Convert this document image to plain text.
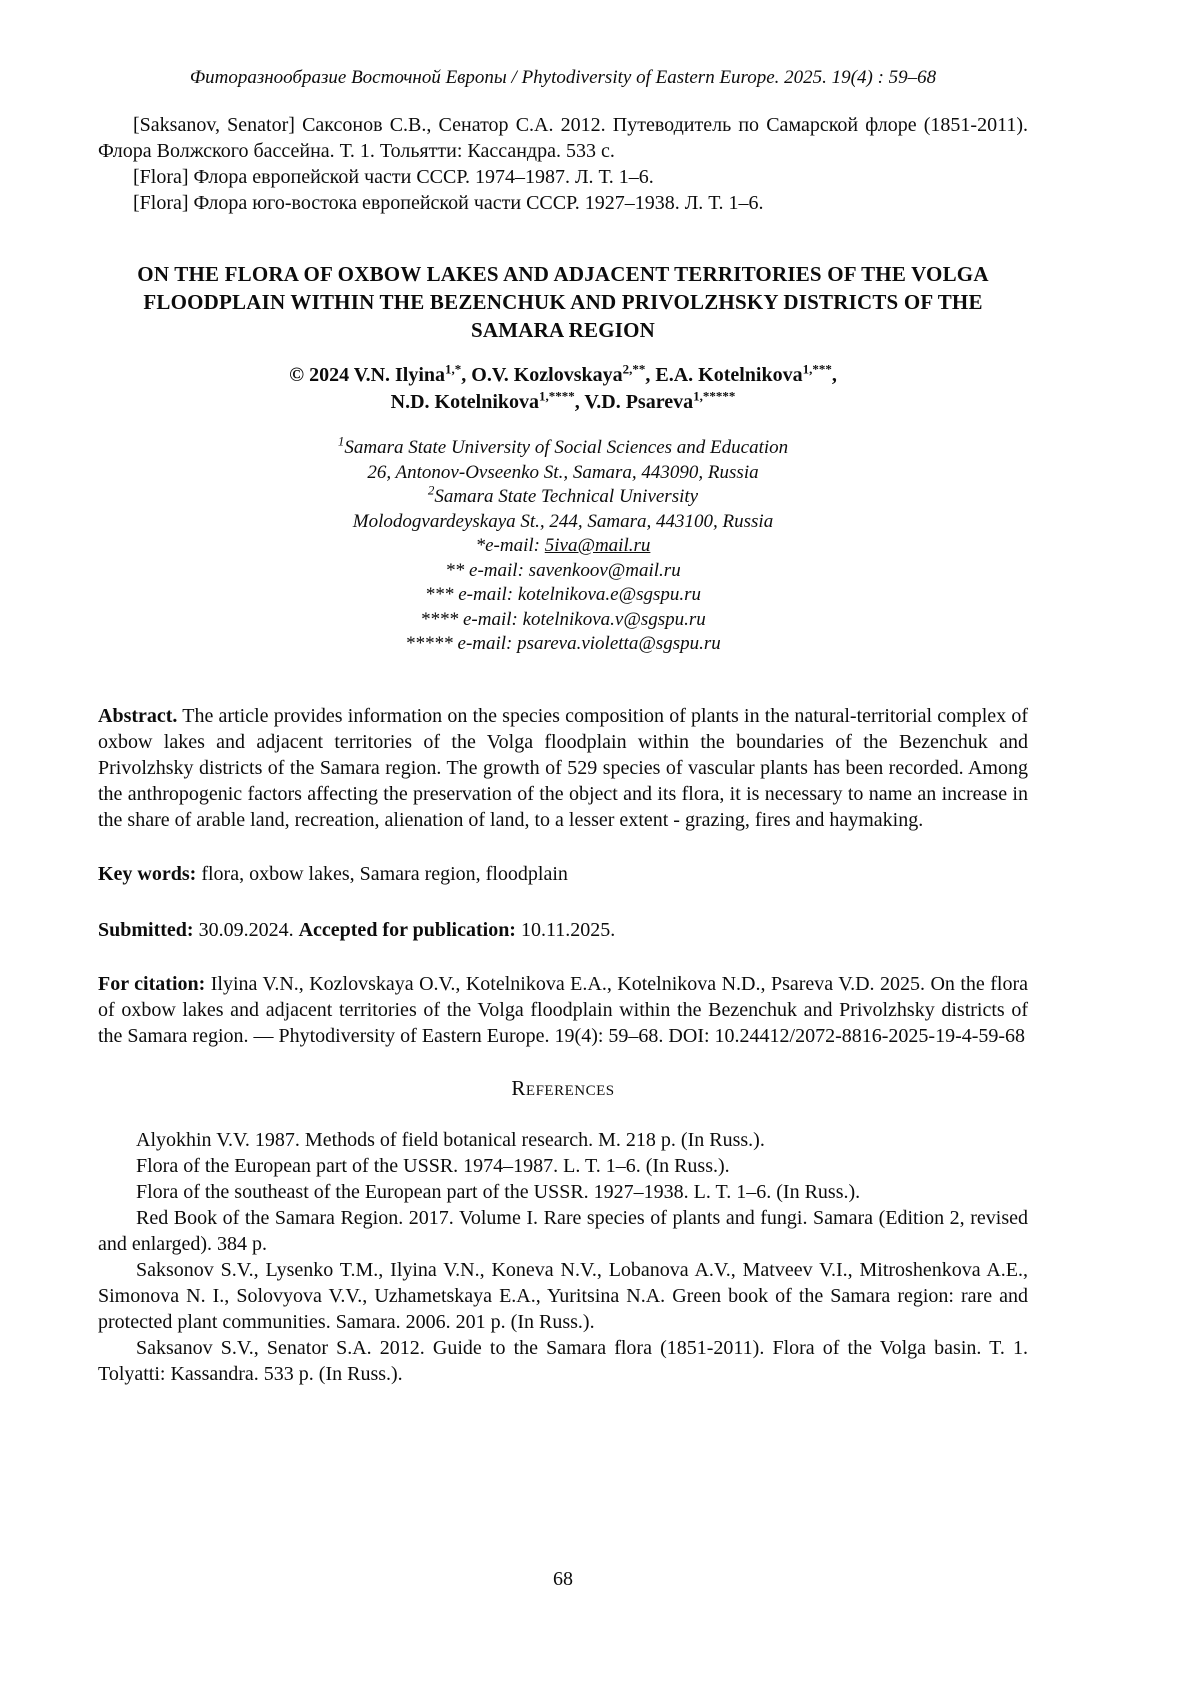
Фиторазнообразие Восточной Европы / Phytodiversity of Eastern Europe. 2025. 19(4) : 59–68

[Saksanov, Senator] Саксонов С.В., Сенатор С.А. 2012. Путеводитель по Самарской флоре (1851-2011). Флора Волжского бассейна. Т. 1. Тольятти: Кассандра. 533 с.

[Flora] Флора европейской части СССР. 1974–1987. Л. Т. 1–6.

[Flora] Флора юго-востока европейской части СССР. 1927–1938. Л. Т. 1–6.

ON THE FLORA OF OXBOW LAKES AND ADJACENT TERRITORIES OF THE VOLGA FLOODPLAIN WITHIN THE BEZENCHUK AND PRIVOLZHSKY DISTRICTS OF THE SAMARA REGION
© 2024 V.N. Ilyina$^{1,*}$, O.V. Kozlovskaya$^{2,**}$, E.A. Kotelnikova$^{1,***}$,
N.D. Kotelnikova$^{1,****}$, V.D. Psareva$^{1,*****}$
$^1$Samara State University of Social Sciences and Education
26, Antonov-Ovseenko St., Samara, 443090, Russia
$^2$Samara State Technical University
Molodogvardeyskaya St., 244, Samara, 443100, Russia
*e-mail: 5iva@mail.ru
** e-mail: savenkoov@mail.ru
*** e-mail: kotelnikova.e@sgspu.ru
**** e-mail: kotelnikova.v@sgspu.ru
***** e-mail: psareva.violetta@sgspu.ru

Abstract. The article provides information on the species composition of plants in the natural-territorial complex of oxbow lakes and adjacent territories of the Volga floodplain within the boundaries of the Bezenchuk and Privolzhsky districts of the Samara region. The growth of 529 species of vascular plants has been recorded. Among the anthropogenic factors affecting the preservation of the object and its flora, it is necessary to name an increase in the share of arable land, recreation, alienation of land, to a lesser extent - grazing, fires and haymaking.

Key words: flora, oxbow lakes, Samara region, floodplain

Submitted: 30.09.2024. Accepted for publication: 10.11.2025.

For citation: Ilyina V.N., Kozlovskaya O.V., Kotelnikova E.A., Kotelnikova N.D., Psareva V.D. 2025. On the flora of oxbow lakes and adjacent territories of the Volga floodplain within the Bezenchuk and Privolzhsky districts of the Samara region. — Phytodiversity of Eastern Europe. 19(4): 59–68. DOI: 10.24412/2072-8816-2025-19-4-59-68

References

Alyokhin V.V. 1987. Methods of field botanical research. M. 218 p. (In Russ.).

Flora of the European part of the USSR. 1974–1987. L. T. 1–6. (In Russ.).

Flora of the southeast of the European part of the USSR. 1927–1938. L. T. 1–6. (In Russ.).

Red Book of the Samara Region. 2017. Volume I. Rare species of plants and fungi. Samara (Edition 2, revised and enlarged). 384 p.

Saksonov S.V., Lysenko T.M., Ilyina V.N., Koneva N.V., Lobanova A.V., Matveev V.I., Mitroshenkova A.E., Simonova N. I., Solovyova V.V., Uzhametskaya E.A., Yuritsina N.A. Green book of the Samara region: rare and protected plant communities. Samara. 2006. 201 p. (In Russ.).

Saksanov S.V., Senator S.A. 2012. Guide to the Samara flora (1851-2011). Flora of the Volga basin. T. 1. Tolyatti: Kassandra. 533 p. (In Russ.).

68
